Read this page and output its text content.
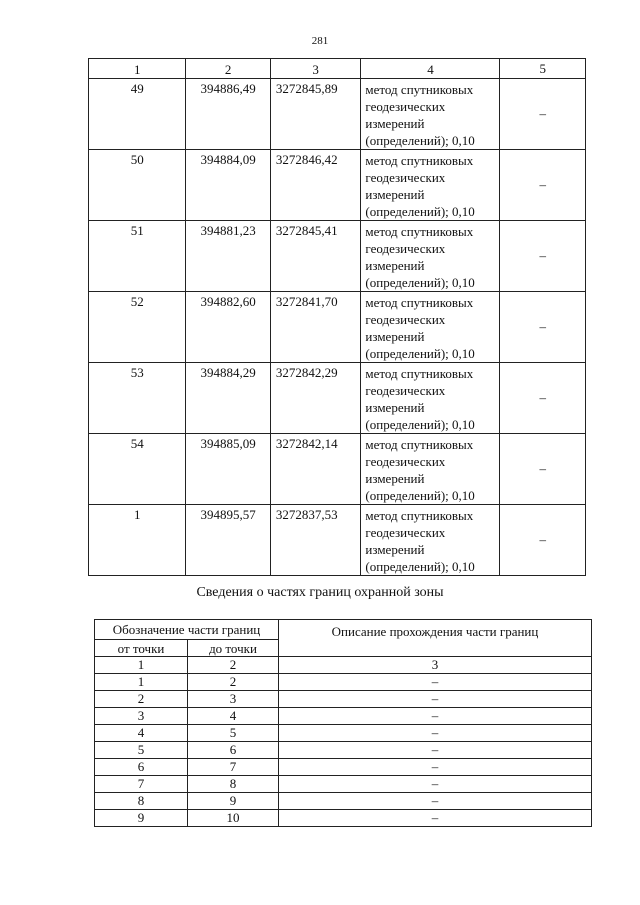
281
1	2	3	4	5
49	394886,49	3272845,89	метод спутниковых
геодезических
измерений
(определений); 0,10	–
50	394884,09	3272846,42	метод спутниковых
геодезических
измерений
(определений); 0,10	–
51	394881,23	3272845,41	метод спутниковых
геодезических
измерений
(определений); 0,10	–
52	394882,60	3272841,70	метод спутниковых
геодезических
измерений
(определений); 0,10	–
53	394884,29	3272842,29	метод спутниковых
геодезических
измерений
(определений); 0,10	–
54	394885,09	3272842,14	метод спутниковых
геодезических
измерений
(определений); 0,10	–
1	394895,57	3272837,53	метод спутниковых
геодезических
измерений
(определений); 0,10	–
Сведения о частях границ охранной зоны
Обозначение части границ		Описание прохождения части границ
от точки	до точки	
1	2	3
1	2	–
2	3	–
3	4	–
4	5	–
5	6	–
6	7	–
7	8	–
8	9	–
9	10	–
